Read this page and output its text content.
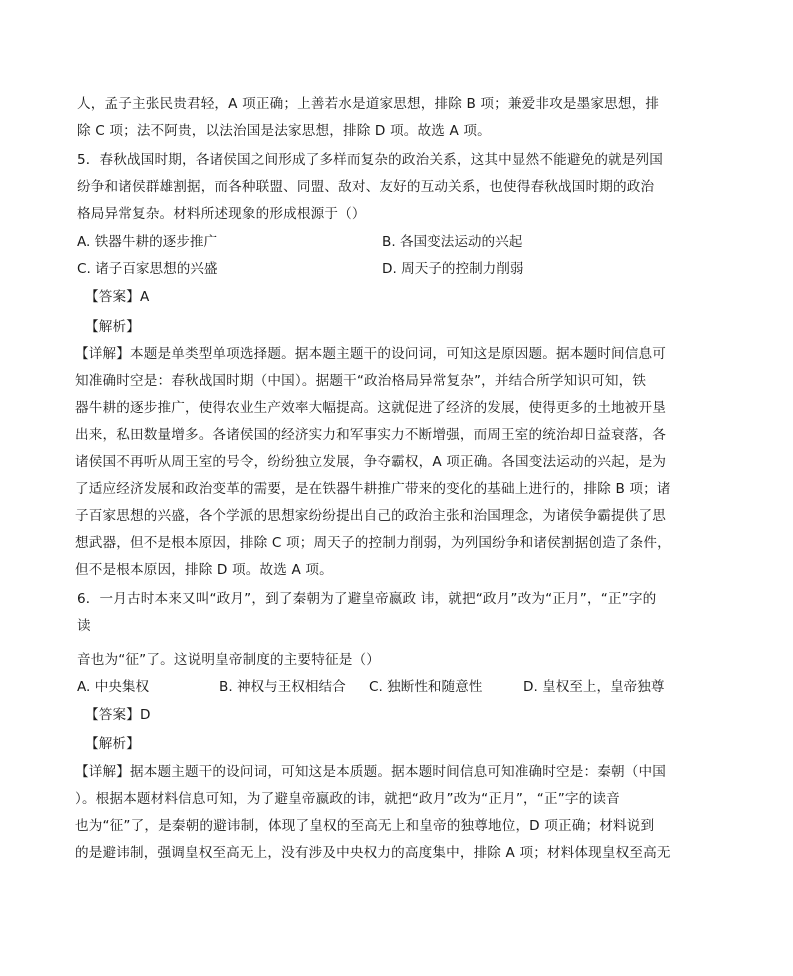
人，孟子主张民贵君轻，A 项正确；上善若水是道家思想，排除 B 项；兼爱非攻是墨家思想，排
除 C 项；法不阿贵，以法治国是法家思想，排除 D 项。故选 A 项。
5．春秋战国时期，各诸侯国之间形成了多样而复杂的政治关系，这其中显然不能避免的就是列国
纷争和诸侯群雄割据，而各种联盟、同盟、敌对、友好的互动关系，也使得春秋战国时期的政治
格局异常复杂。材料所述现象的形成根源于（）
A. 铁器牛耕的逐步推广	B. 各国变法运动的兴起
C. 诸子百家思想的兴盛	D. 周天子的控制力削弱
【答案】A
【解析】
【详解】本题是单类型单项选择题。据本题主题干的设问词，可知这是原因题。据本题时间信息可
知准确时空是：春秋战国时期（中国）。据题干“政治格局异常复杂”，并结合所学知识可知，铁
器牛耕的逐步推广，使得农业生产效率大幅提高。这就促进了经济的发展，使得更多的土地被开垦
出来，私田数量增多。各诸侯国的经济实力和军事实力不断增强，而周王室的统治却日益衰落，各
诸侯国不再听从周王室的号令，纷纷独立发展，争夺霸权，A 项正确。各国变法运动的兴起，是为
了适应经济发展和政治变革的需要，是在铁器牛耕推广带来的变化的基础上进行的，排除 B 项；诸
子百家思想的兴盛，各个学派的思想家纷纷提出自己的政治主张和治国理念，为诸侯争霸提供了思
想武器，但不是根本原因，排除 C 项；周天子的控制力削弱，为列国纷争和诸侯割据创造了条件，
但不是根本原因，排除 D 项。故选 A 项。
6．一月古时本来又叫“政月”，到了秦朝为了避皇帝嬴政 讳，就把“政月”改为“正月”，“正”字的
读
音也为“征”了。这说明皇帝制度的主要特征是（）
A. 中央集权	B. 神权与王权相结合 C. 独断性和随意性	D. 皇权至上，皇帝独尊
【答案】D
【解析】
【详解】据本题主题干的设问词，可知这是本质题。据本题时间信息可知准确时空是：秦朝（中国
）。根据本题材料信息可知，为了避皇帝嬴政的讳，就把“政月”改为“正月”，“正”字的读音
也为“征”了，是秦朝的避讳制，体现了皇权的至高无上和皇帝的独尊地位，D 项正确；材料说到
的是避讳制，强调皇权至高无上，没有涉及中央权力的高度集中，排除 A 项；材料体现皇权至高无
